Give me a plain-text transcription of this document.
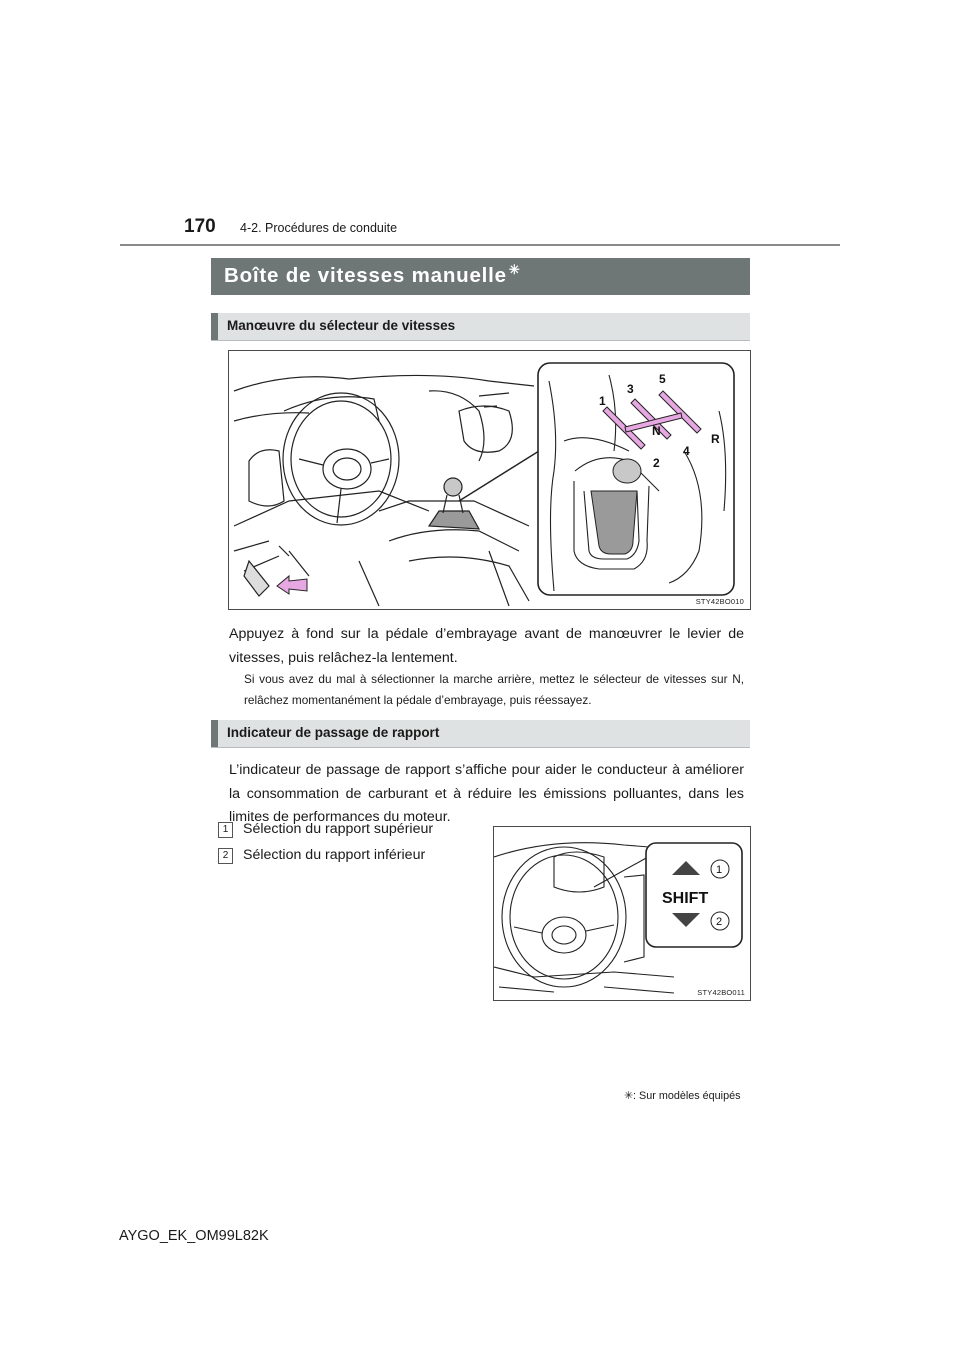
170 4-2. Procédures de conduite
Boîte de vitesses manuelle ✳
Manœuvre du sélecteur de vitesses
1
2
3
4
5
R
N
STY42BO010
Appuyez à fond sur la pédale d’embrayage avant de manœuvrer le levier de vitesses, puis relâchez-la lentement.
Si vous avez du mal à sélectionner la marche arrière, mettez le sélecteur de vitesses sur N, relâchez momentanément la pédale d’embrayage, puis réessayez.
Indicateur de passage de rapport
L’indicateur de passage de rapport s’affiche pour aider le conducteur à améliorer la consommation de carburant et à réduire les émissions polluantes, dans les limites de performances du moteur.
1	Sélection du rapport supérieur
2	Sélection du rapport inférieur
SHIFT
1
2
STY42BO011
✳: Sur modèles équipés
AYGO_EK_OM99L82K
